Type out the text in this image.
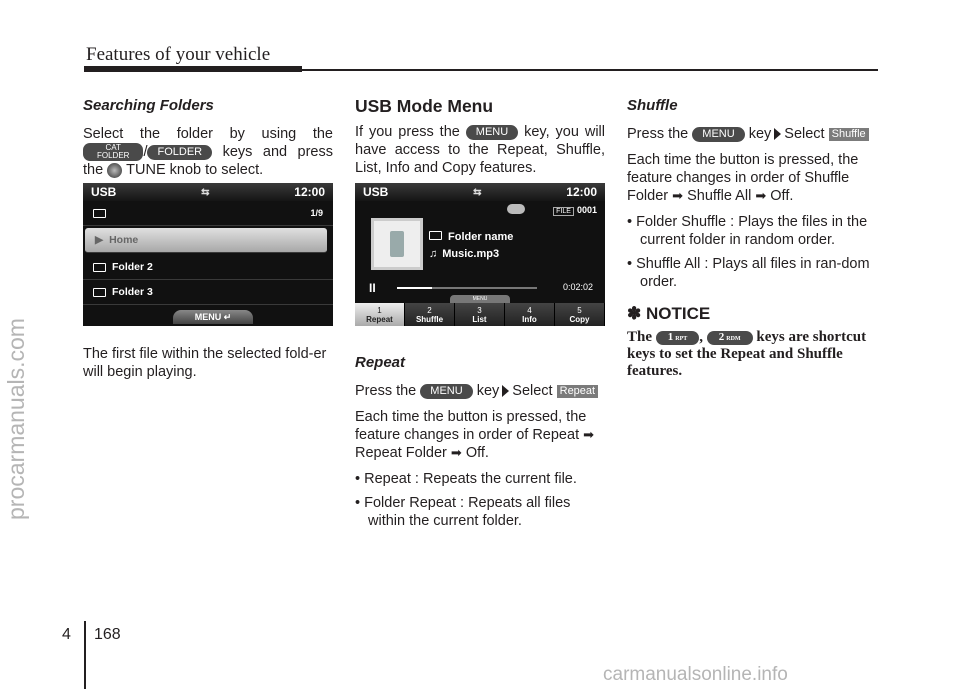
Features of your vehicle
procarmanuals.com
carmanualsonline.info
Searching Folders

Select the folder by using the CAT
FOLDER / FOLDER keys and press the TUNE knob to select.

USB	⇆	12:00
1/9
▶ Home
Folder 2
Folder 3
MENU ↵

The first file within the selected fold-er will begin playing.

USB Mode Menu

If you press the MENU key, you will have access to the Repeat, Shuffle, List, Info and Copy features.

USB	⇆	12:00
FILE 0001
Folder name
♫ Music.mp3
II	0:02:02
MENU
1
Repeat
2
Shuffle
3
List
4
Info
5
Copy
Repeat

Press the MENU key Select Repeat

Each time the button is pressed, the feature changes in order of Repeat ➡ Repeat Folder ➡ Off.

• Repeat : Repeats the current file.
• Folder Repeat : Repeats all files within the current folder.
Shuffle

Press the MENU key Select Shuffle

Each time the button is pressed, the feature changes in order of Shuffle Folder ➡ Shuffle All ➡ Off.

• Folder Shuffle : Plays the files in the current folder in random order.
• Shuffle All : Plays all files in ran-dom order.
✽ NOTICE

The 1 RPT , 2 RDM keys are shortcut keys to set the Repeat and Shuffle features.

4 168
